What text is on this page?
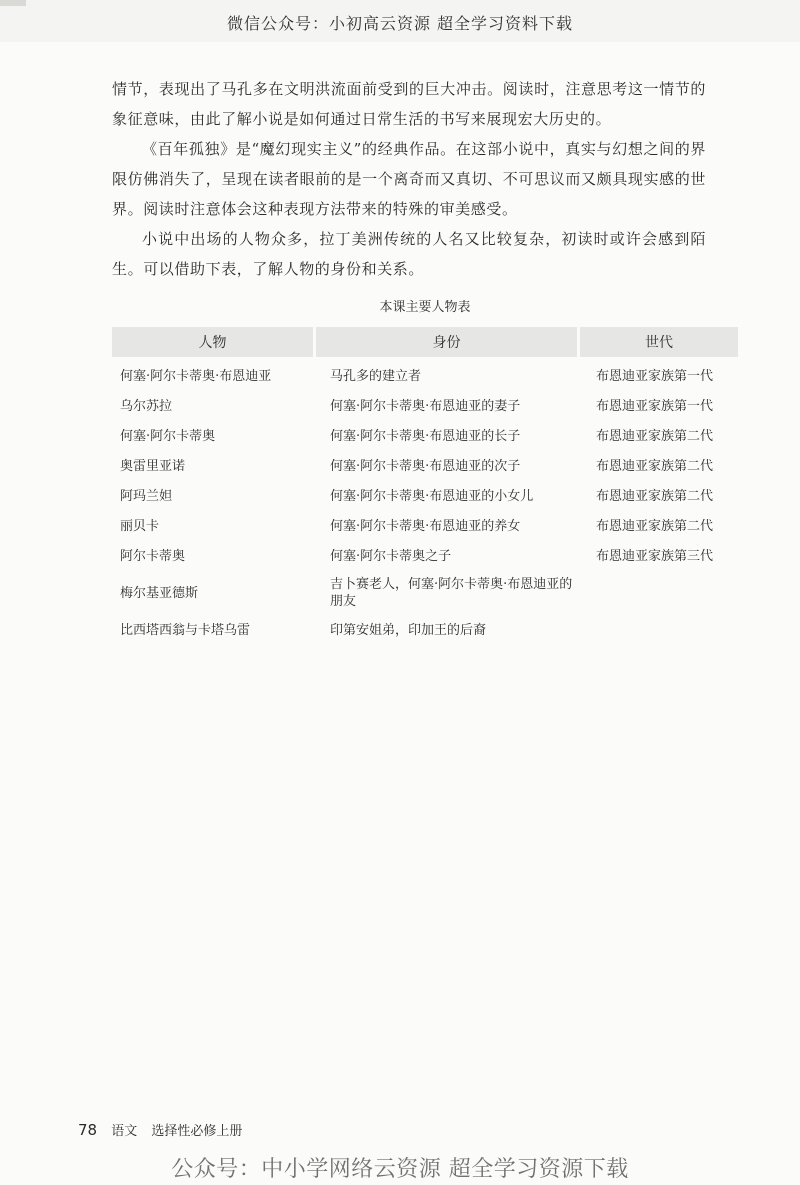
微信公众号：小初高云资源 超全学习资料下载

情节，表现出了马孔多在文明洪流面前受到的巨大冲击。阅读时，注意思考这一情节的象征意味，由此了解小说是如何通过日常生活的书写来展现宏大历史的。

《百年孤独》是“魔幻现实主义”的经典作品。在这部小说中，真实与幻想之间的界限仿佛消失了，呈现在读者眼前的是一个离奇而又真切、不可思议而又颇具现实感的世界。阅读时注意体会这种表现方法带来的特殊的审美感受。

小说中出场的人物众多，拉丁美洲传统的人名又比较复杂，初读时或许会感到陌生。可以借助下表，了解人物的身份和关系。

本课主要人物表
人物	身份	世代
何塞·阿尔卡蒂奥·布恩迪亚	马孔多的建立者	布恩迪亚家族第一代
乌尔苏拉	何塞·阿尔卡蒂奥·布恩迪亚的妻子	布恩迪亚家族第一代
何塞·阿尔卡蒂奥	何塞·阿尔卡蒂奥·布恩迪亚的长子	布恩迪亚家族第二代
奥雷里亚诺	何塞·阿尔卡蒂奥·布恩迪亚的次子	布恩迪亚家族第二代
阿玛兰妲	何塞·阿尔卡蒂奥·布恩迪亚的小女儿	布恩迪亚家族第二代
丽贝卡	何塞·阿尔卡蒂奥·布恩迪亚的养女	布恩迪亚家族第二代
阿尔卡蒂奥	何塞·阿尔卡蒂奥之子	布恩迪亚家族第三代
梅尔基亚德斯	吉卜赛老人，何塞·阿尔卡蒂奥·布恩迪亚的朋友	
比西塔西翁与卡塔乌雷	印第安姐弟，印加王的后裔	
78 语文 选择性必修上册
公众号：中小学网络云资源 超全学习资源下载
